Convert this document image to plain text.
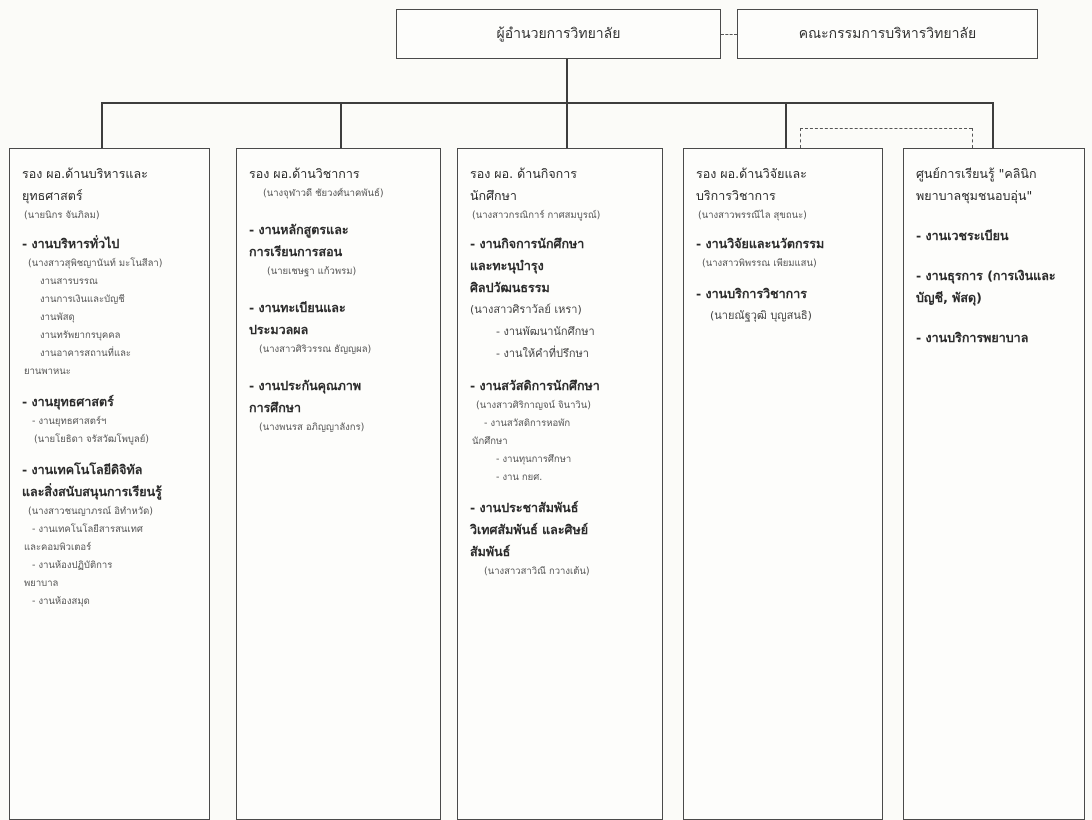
ผู้อำนวยการวิทยาลัย	คณะกรรมการบริหารวิทยาลัย
รอง ผอ.ด้านบริหารและ
ยุทธศาสตร์
(นายนิกร จันภิลม)
- งานบริหารทั่วไป
(นางสาวสุพิชญานันท์ มะโนสีลา)
งานสารบรรณ
งานการเงินและบัญชี
งานพัสดุ
งานทรัพยากรบุคคล
งานอาคารสถานที่และ
ยานพาหนะ
- งานยุทธศาสตร์
- งานยุทธศาสตร์ฯ
(นายโยธิดา จรัสวัฒโพบูลย์)
- งานเทคโนโลยีดิจิทัล
และสิ่งสนับสนุนการเรียนรู้
(นางสาวชนญาภรณ์ อิทำหวัด)
- งานเทคโนโลยีสารสนเทศ
และคอมพิวเตอร์
- งานห้องปฏิบัติการ
พยาบาล
- งานห้องสมุด
รอง ผอ.ด้านวิชาการ
(นางจุฬาวดี ชัยวงศ์นาคพันธ์)
- งานหลักสูตรและ
การเรียนการสอน
(นายเชษฐา แก้วพรม)
- งานทะเบียนและ
ประมวลผล
(นางสาวศิริวรรณ ธัญญผล)
- งานประกันคุณภาพ
การศึกษา
(นางพนรส อภิญญาลังกร)
รอง ผอ. ด้านกิจการ
นักศึกษา
(นางสาวกรณิการ์ กาศสมบูรณ์)
- งานกิจการนักศึกษา
และทะนุบำรุง
ศิลปวัฒนธรรม
(นางสาวศิราวัลย์ เหรา)
- งานพัฒนานักศึกษา
- งานให้คำที่ปรึกษา
- งานสวัสดิการนักศึกษา
(นางสาวศิริกาญจน์ จินาวิน)
- งานสวัสดิการหอพัก
นักศึกษา
- งานทุนการศึกษา
- งาน กยศ.
- งานประชาสัมพันธ์
วิเทศสัมพันธ์ และศิษย์
สัมพันธ์
(นางสาวสาวิณี กวางเต้น)
รอง ผอ.ด้านวิจัยและ
บริการวิชาการ
(นางสาวพรรณีไล สุขถนะ)
- งานวิจัยและนวัตกรรม
(นางสาวพิพรรณ เพียมแสน)
- งานบริการวิชาการ
(นายณัฐวุฒิ บุญสนธิ)
ศูนย์การเรียนรู้ "คลินิก
พยาบาลชุมชนอบอุ่น"
- งานเวชระเบียน
- งานธุรการ (การเงินและ
บัญชี, พัสดุ)
- งานบริการพยาบาล
